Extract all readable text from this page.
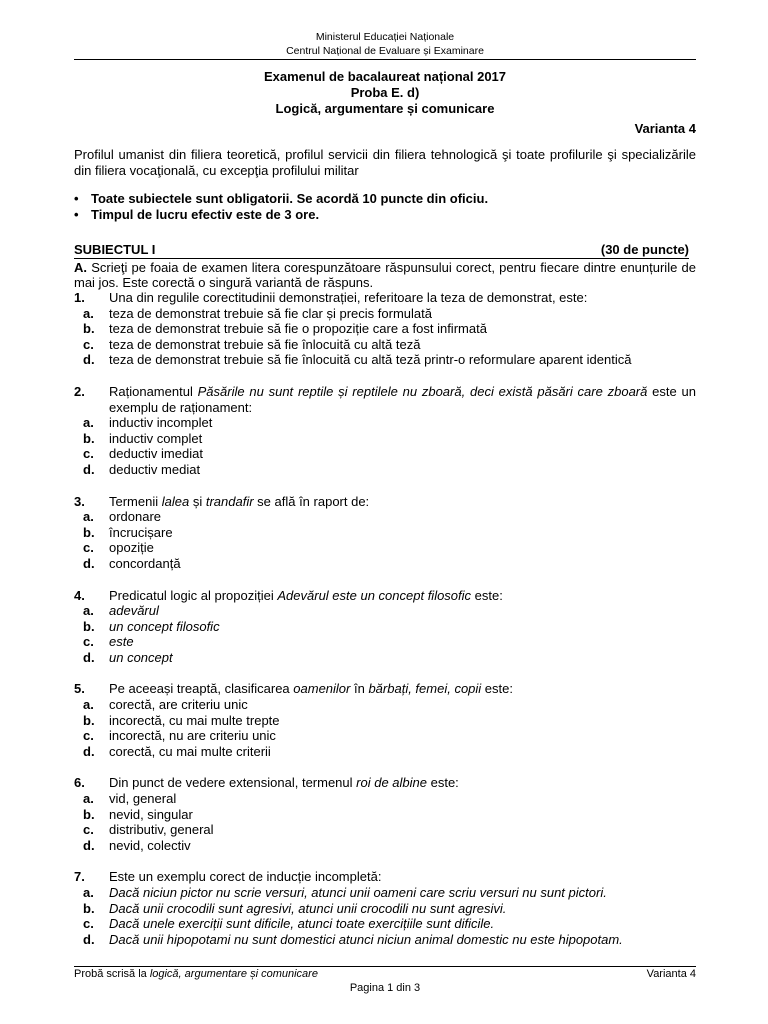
Ministerul Educației Naționale
Centrul Național de Evaluare și Examinare
Examenul de bacalaureat național 2017
Proba E. d)
Logică, argumentare și comunicare
Varianta 4
Profilul umanist din filiera teoretică, profilul servicii din filiera tehnologică şi toate profilurile şi specializările din filiera vocaţională, cu excepţia profilului militar
• Toate subiectele sunt obligatorii. Se acordă 10 puncte din oficiu.
• Timpul de lucru efectiv este de 3 ore.
SUBIECTUL I	(30 de puncte)
A. Scrieţi pe foaia de examen litera corespunzătoare răspunsului corect, pentru fiecare dintre enunțurile de mai jos. Este corectă o singură variantă de răspuns.
1.	Una din regulile corectitudinii demonstrației, referitoare la teza de demonstrat, este:
a.	teza de demonstrat trebuie să fie clar și precis formulată
b.	teza de demonstrat trebuie să fie o propoziție care a fost infirmată
c.	teza de demonstrat trebuie să fie înlocuită cu altă teză
d.	teza de demonstrat trebuie să fie înlocuită cu altă teză printr-o reformulare aparent identică
2.	Raționamentul Păsările nu sunt reptile și reptilele nu zboară, deci există păsări care zboară este un exemplu de raționament:
a.	inductiv incomplet
b.	inductiv complet
c.	deductiv imediat
d.	deductiv mediat
3.	Termenii lalea și trandafir se află în raport de:
a.	ordonare
b.	încrucișare
c.	opoziție
d.	concordanță
4.	Predicatul logic al propoziției Adevărul este un concept filosofic este:
a.	adevărul
b.	un concept filosofic
c.	este
d.	un concept
5.	Pe aceeași treaptă, clasificarea oamenilor în bărbați, femei, copii este:
a.	corectă, are criteriu unic
b.	incorectă, cu mai multe trepte
c.	incorectă, nu are criteriu unic
d.	corectă, cu mai multe criterii
6.	Din punct de vedere extensional, termenul roi de albine este:
a.	vid, general
b.	nevid, singular
c.	distributiv, general
d.	nevid, colectiv
7.	Este un exemplu corect de inducție incompletă:
a.	Dacă niciun pictor nu scrie versuri, atunci unii oameni care scriu versuri nu sunt pictori.
b.	Dacă unii crocodili sunt agresivi, atunci unii crocodili nu sunt agresivi.
c.	Dacă unele exerciții sunt dificile, atunci toate exercițiile sunt dificile.
d.	Dacă unii hipopotami nu sunt domestici atunci niciun animal domestic nu este hipopotam.
Probă scrisă la logică, argumentare și comunicare	Varianta 4
Pagina 1 din 3
